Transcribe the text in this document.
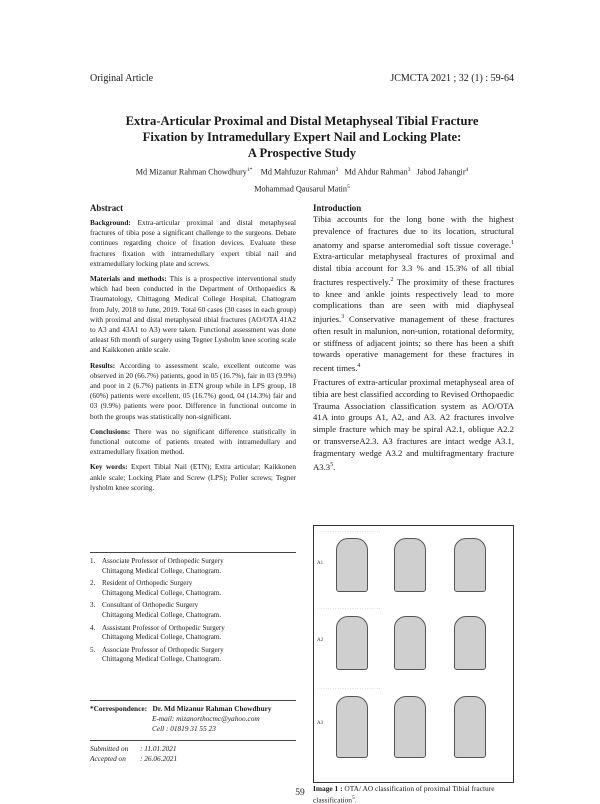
Original Article	JCMCTA 2021 ; 32 (1) : 59-64
Extra-Articular Proximal and Distal Metaphyseal Tibial Fracture
Fixation by Intramedullary Expert Nail and Locking Plate:
A Prospective Study
Md Mizanur Rahman Chowdhury$^{1*}$ Md Mahfuzur Rahman$^2$ Md Ahdur Rahman$^3$ Jabod Jahangir$^4$
Mohammad Qausarul Matin$^5$
Abstract

Background: Extra-articular proximal and distal metaphyseal fractures of tibia pose a significant challenge to the surgeons. Debate continues regarding choice of fixation devices. Evaluate these fractures fixation with intramedullary expert tibial nail and extramedullary locking plate and screws.

Materials and methods: This is a prospective interventional study which had been conducted in the Department of Orthopaedics & Traumatology, Chittagong Medical College Hospital, Chattogram from July, 2018 to June, 2019. Total 60 cases (30 cases in each group) with proximal and distal metaphyseal tibial fractures (AO/OTA 41A2 to A3 and 43A1 to A3) were taken. Functional assessment was done atleast 6th month of surgery using Tegner Lysholm knee scoring scale and Kaikkonen ankle scale.

Results: According to assessment scale, excellent outcome was observed in 20 (66.7%) patients, good in 05 (16.7%), fair in 03 (9.9%) and poor in 2 (6.7%) patients in ETN group while in LPS group, 18 (60%) patients were excellent, 05 (16.7%) good, 04 (14.3%) fair and 03 (9.9%) patients were poor. Difference in functional outcome in both the groups was statistically non-significant.

Conclusions: There was no significant difference statistically in functional outcome of patients treated with intramedullary and extramedullary fixation method.

Key words: Expert Tibial Nail (ETN); Extra articular; Kaikkonen ankle scale; Locking Plate and Screw (LPS); Poller screws; Tegner lysholm knee scoring.

1. Associate Professor of Orthopedic Surgery
Chittagong Medical College, Chattogram.
2. Resident of Orthopedic Surgery
Chittagong Medical College, Chattogram.
3. Consultant of Orthopedic Surgery
Chittagong Medical College, Chattogram.
4. Asssistant Professor of Orthopedic Surgery
Chittagong Medical College, Chattogram.
5. Associate Professor of Orthopedic Surgery
Chittagong Medical College, Chattogram.
*Correspondence: Dr. Md Mizanur Rahman Chowdhury
E-mail: mizanorthocmc@yahoo.com
Cell : 01819 31 55 23
Submitted on : 11.01.2021
Accepted on : 26.06.2021
Introduction

Tibia accounts for the long bone with the highest prevalence of fractures due to its location, structural anatomy and sparse anteromedial soft tissue coverage.$^1$ Extra-articular metaphyseal fractures of proximal and distal tibia account for 3.3 % and 15.3% of all tibial fractures respectively.$^2$ The proximity of these fractures to knee and ankle joints respectively lead to more complications than are seen with mid diaphyseal injuries.$^3$ Conservative management of these fractures often result in malunion, non-union, rotational deformity, or stiffness of adjacent joints; so there has been a shift towards operative management for these fractures in recent times.$^4$

Fractures of extra-articular proximal metaphyseal area of tibia are best classified according to Revised Orthopaedic Trauma Association classification system as AO/OTA 41A into groups A1, A2, and A3. A2 fractures involve simple fracture which may be spiral A2.1, oblique A2.2 or transverseA2.3. A3 fractures are intact wedge A3.1, fragmentary wedge A3.2 and multifragmentary fracture $A3.3^5$.

· · · · · · · · · · · · · · · · · · · · · · · · · ·
A1
· · · · · · · · · · · · · · · · · · · · · · · · · ·
A2
· · · · · · · · · · · · · · · · · · · · · · · · · ·
A3
Image 1 : OTA/ AO classification of proximal Tibial fracture classification$^5$.
59
